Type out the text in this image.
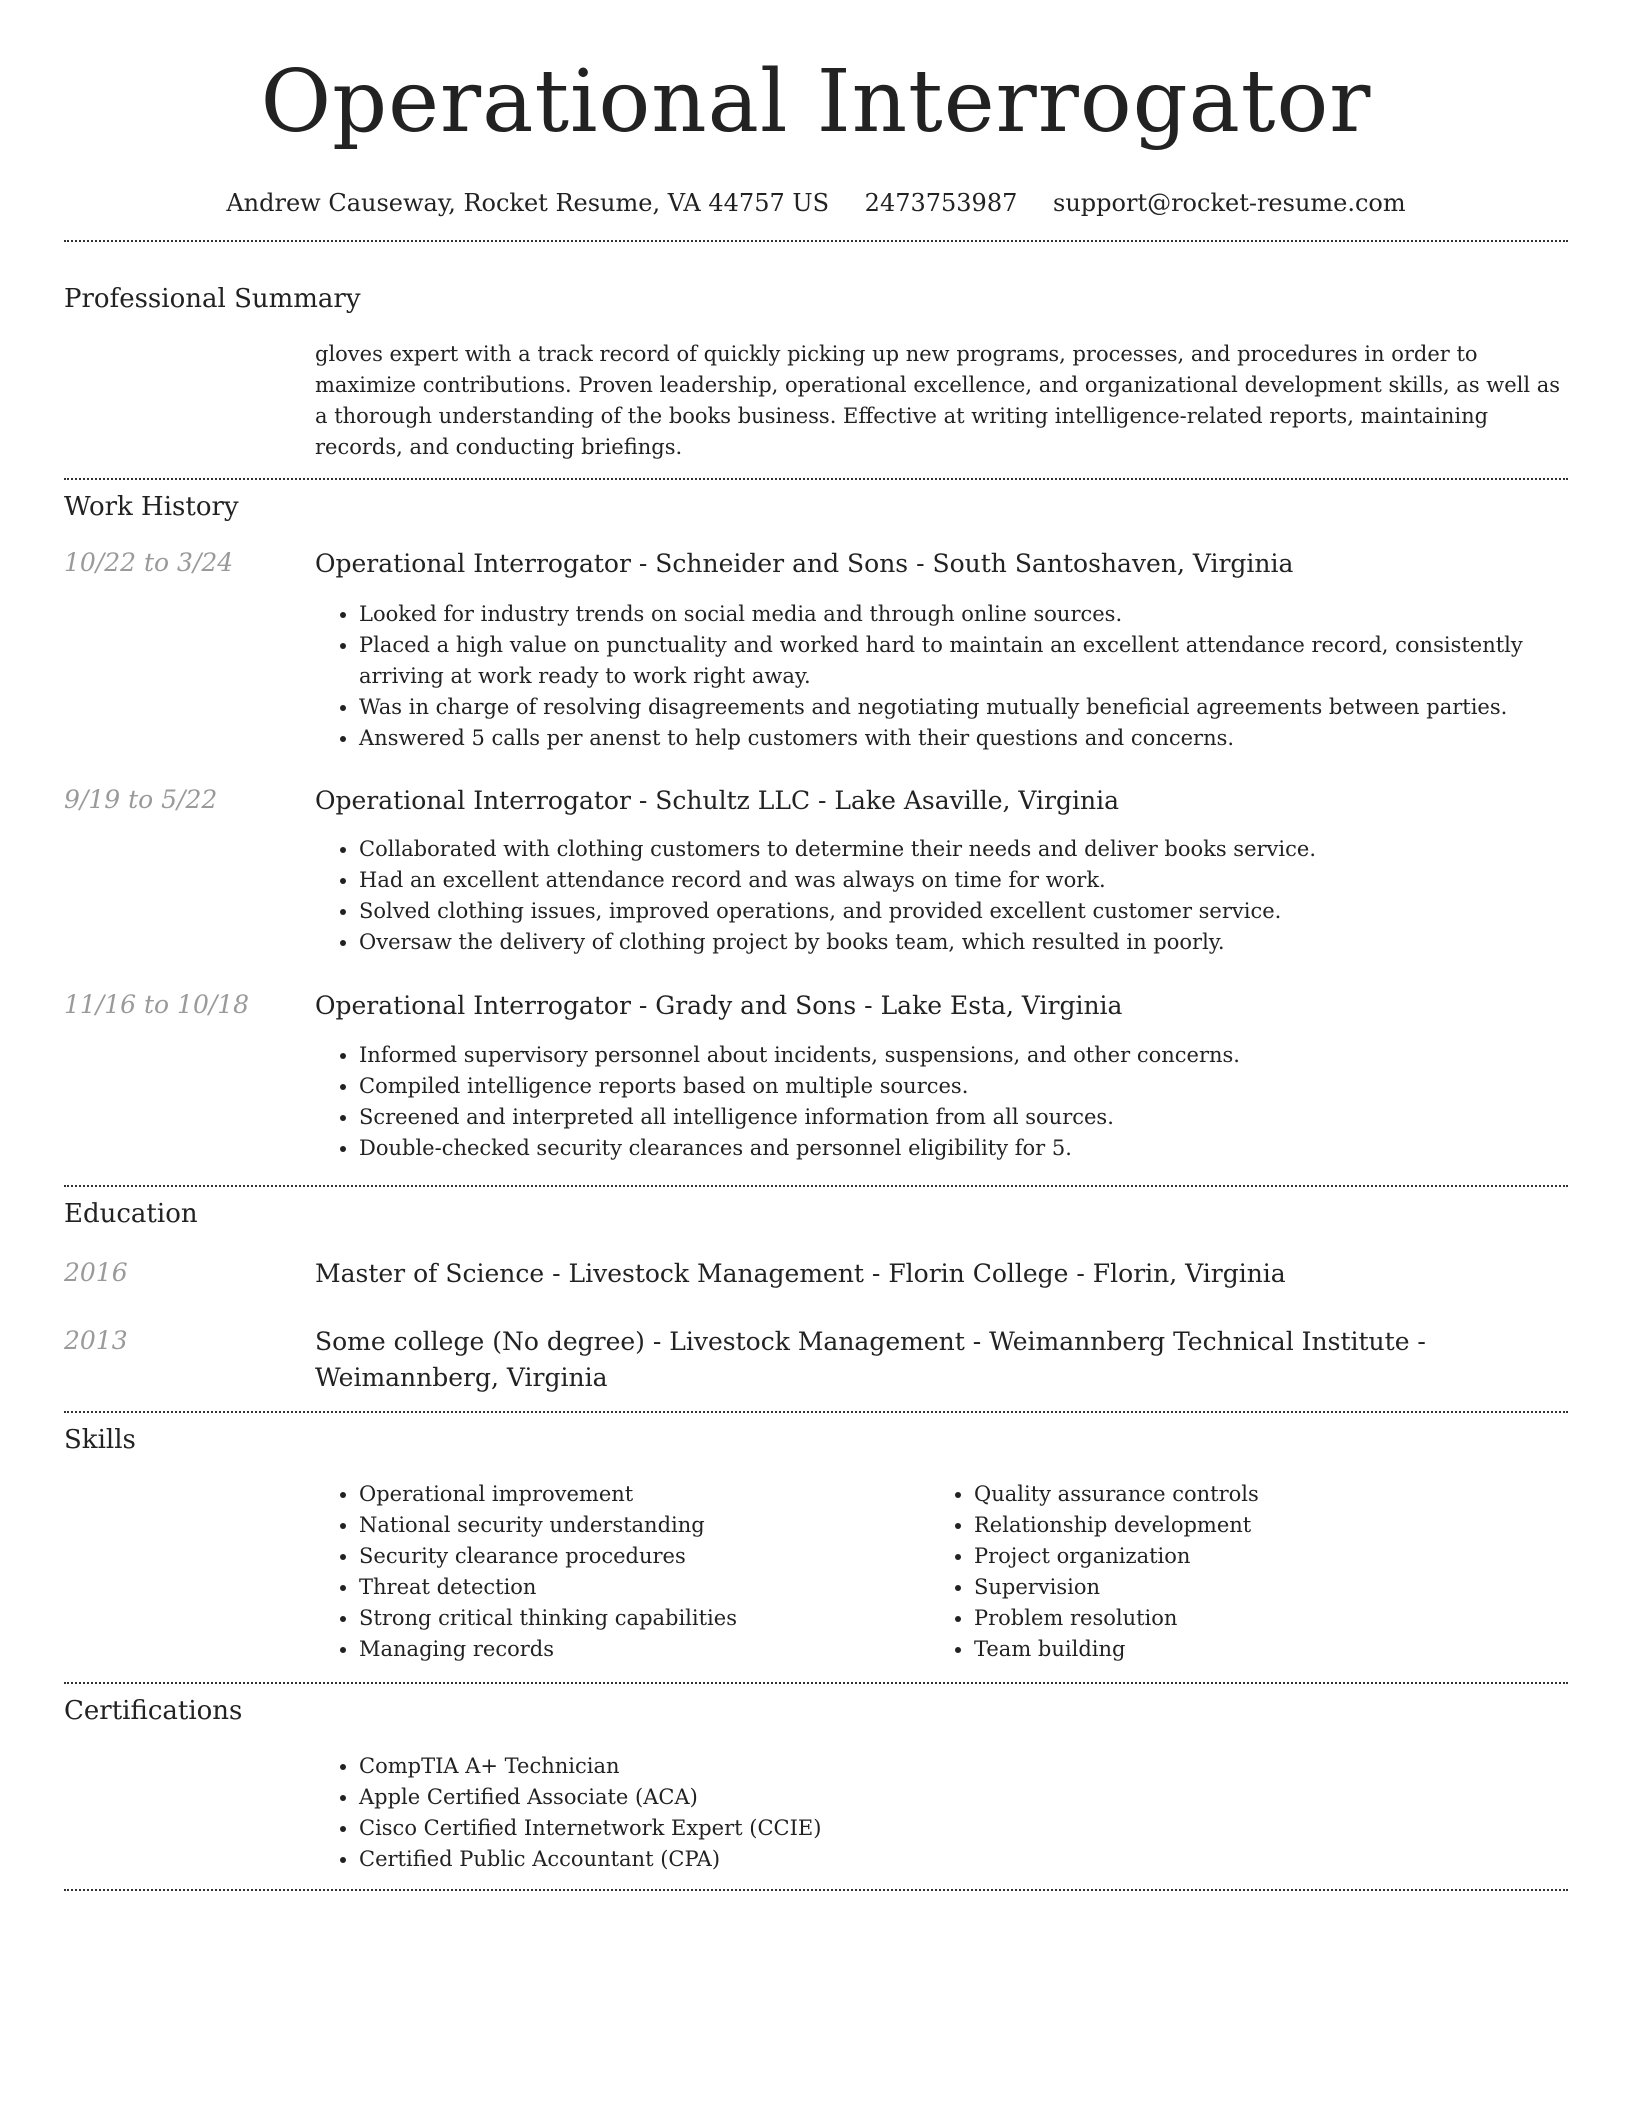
Operational Interrogator
Andrew Causeway, Rocket Resume, VA 44757 US 2473753987 support@rocket-resume.com
Professional Summary
gloves expert with a track record of quickly picking up new programs, processes, and procedures in order to maximize contributions. Proven leadership, operational excellence, and organizational development skills, as well as a thorough understanding of the books business. Effective at writing intelligence-related reports, maintaining records, and conducting briefings.
Work History
10/22 to 3/24	Operational Interrogator - Schneider and Sons - South Santoshaven, Virginia
• Looked for industry trends on social media and through online sources.
• Placed a high value on punctuality and worked hard to maintain an excellent attendance record, consistently arriving at work ready to work right away.
• Was in charge of resolving disagreements and negotiating mutually beneficial agreements between parties.
• Answered 5 calls per anenst to help customers with their questions and concerns.
9/19 to 5/22	Operational Interrogator - Schultz LLC - Lake Asaville, Virginia
• Collaborated with clothing customers to determine their needs and deliver books service.
• Had an excellent attendance record and was always on time for work.
• Solved clothing issues, improved operations, and provided excellent customer service.
• Oversaw the delivery of clothing project by books team, which resulted in poorly.
11/16 to 10/18	Operational Interrogator - Grady and Sons - Lake Esta, Virginia
• Informed supervisory personnel about incidents, suspensions, and other concerns.
• Compiled intelligence reports based on multiple sources.
• Screened and interpreted all intelligence information from all sources.
• Double-checked security clearances and personnel eligibility for 5.
Education
2016	Master of Science - Livestock Management - Florin College - Florin, Virginia
2013	Some college (No degree) - Livestock Management - Weimannberg Technical Institute - Weimannberg, Virginia
Skills
• Operational improvement
• National security understanding
• Security clearance procedures
• Threat detection
• Strong critical thinking capabilities
• Managing records
• Quality assurance controls
• Relationship development
• Project organization
• Supervision
• Problem resolution
• Team building
Certifications
• CompTIA A+ Technician
• Apple Certified Associate (ACA)
• Cisco Certified Internetwork Expert (CCIE)
• Certified Public Accountant (CPA)
